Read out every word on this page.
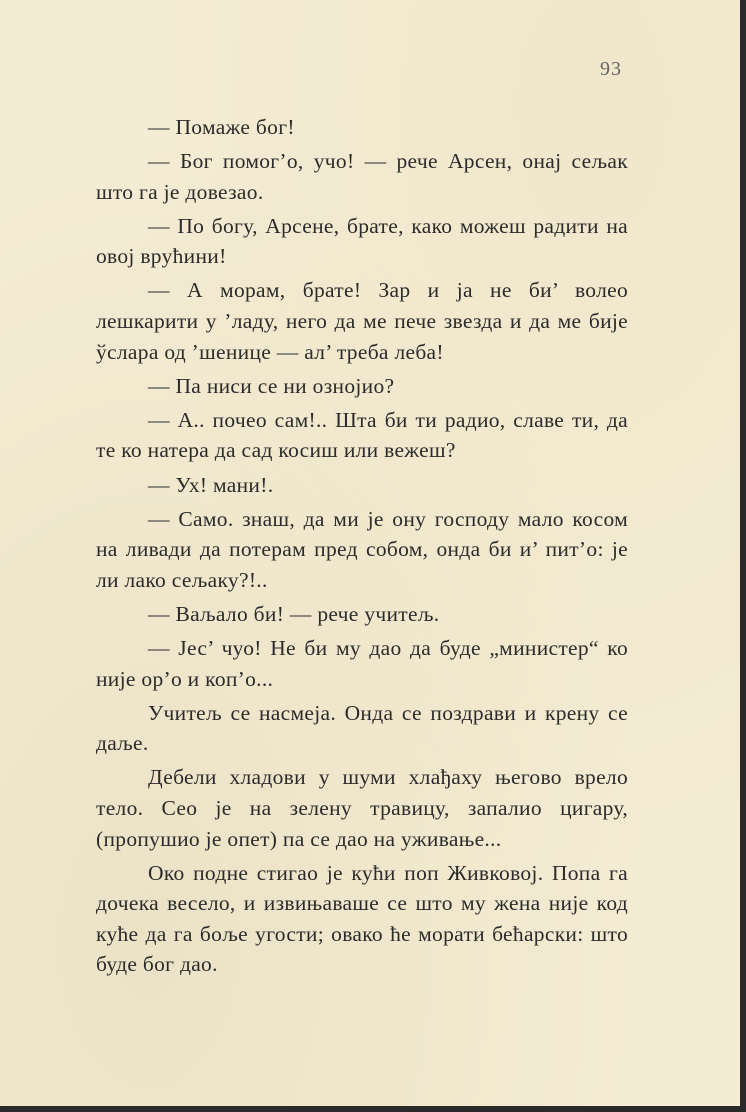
93

— Помаже бог!

— Бог помог’о, учо! — рече Арсен, онај сељак што га је довезао.

— По богу, Арсене, брате, како можеш радити на овој врућини!

— А морам, брате! Зар и ја не би’ волео лешкарити у ’ладу, него да ме пече звезда и да ме бије ўслара од ’шенице — ал’ треба леба!

— Па ниси се ни ознојио?

— А.. почео сам!.. Шта би ти радио, славе ти, да те ко натера да сад косиш или вежеш?

— Ух! мани!.

— Само. знаш, да ми је ону господу мало косом на ливади да потерам пред собом, онда би и’ пит’о: је ли лако сељаку?!..

— Ваљало би! — рече учитељ.

— Јес’ чуо! Не би му дао да буде „министер“ ко није ор’о и коп’о...

Учитељ се насмеја. Онда се поздрави и крену се даље.

Дебели хладови у шуми хлађаху његово врело тело. Сео је на зелену травицу, запалио цигару, (пропушио је опет) па се дао на уживање...

Око подне стигао је кући поп Живковој. Попа га дочека весело, и извињаваше се што му жена није код куће да га боље угости; овако ће морати бећарски: што буде бог дао.
